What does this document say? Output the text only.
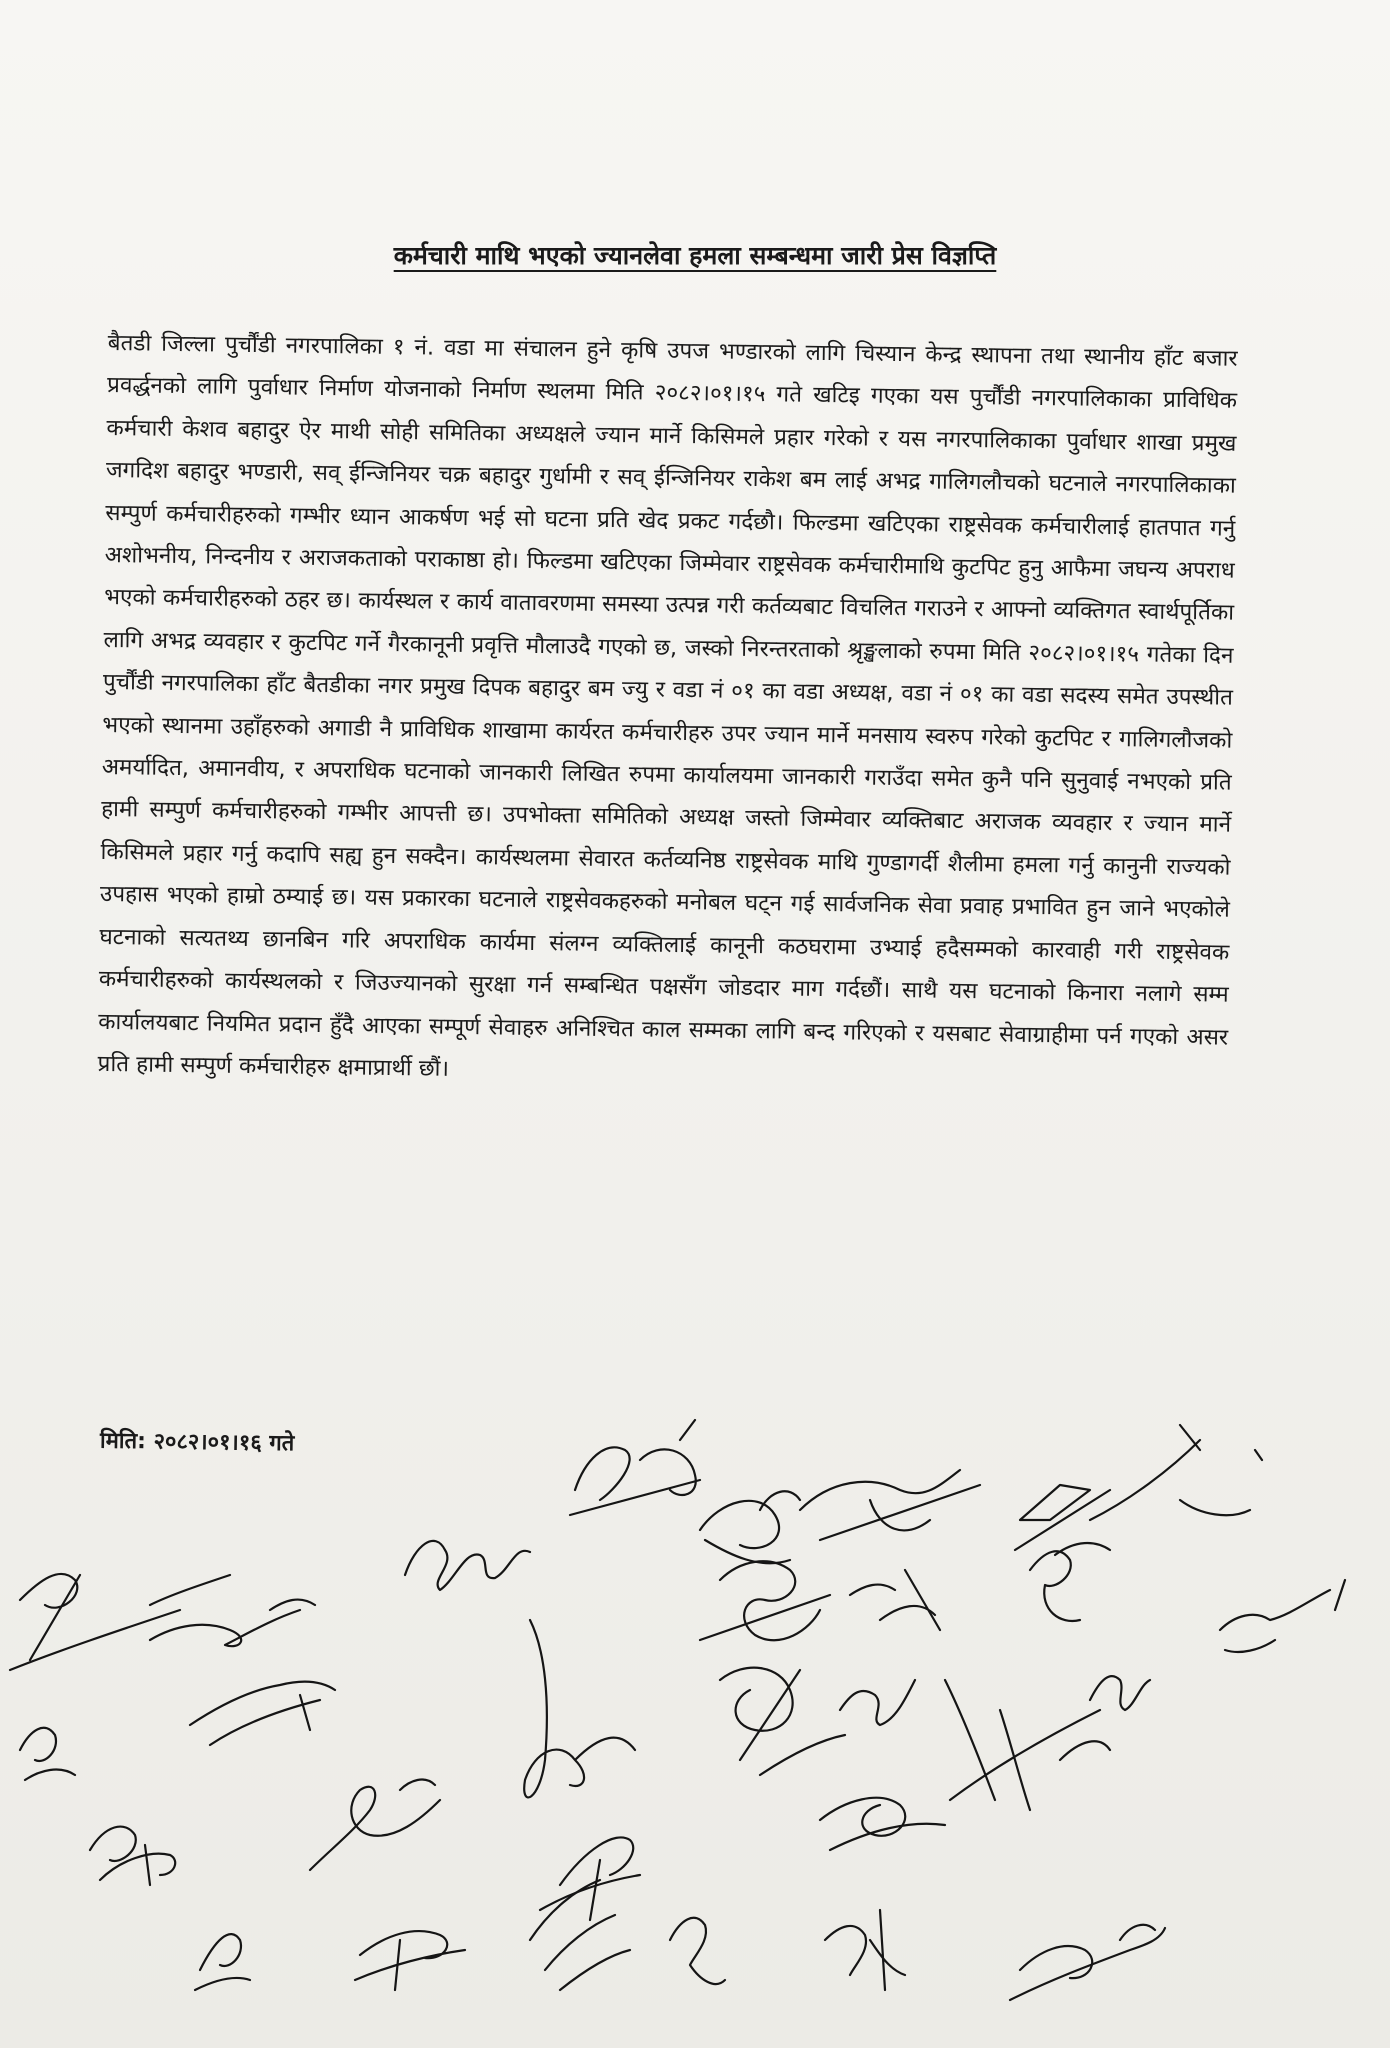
कर्मचारी माथि भएको ज्यानलेवा हमला सम्बन्धमा जारी प्रेस विज्ञप्ति

बैतडी जिल्ला पुर्चौंडी नगरपालिका १ नं. वडा मा संचालन हुने कृषि उपज भण्डारको लागि चिस्यान केन्द्र स्थापना तथा स्थानीय हाँट बजार प्रवर्द्धनको लागि पुर्वाधार निर्माण योजनाको निर्माण स्थलमा मिति २०८२।०१।१५ गते खटिइ गएका यस पुर्चौंडी नगरपालिकाका प्राविधिक कर्मचारी केशव बहादुर ऐर माथी सोही समितिका अध्यक्षले ज्यान मार्ने किसिमले प्रहार गरेको र यस नगरपालिकाका पुर्वाधार शाखा प्रमुख जगदिश बहादुर भण्डारी, सव् ईन्जिनियर चक्र बहादुर गुर्धामी र सव् ईन्जिनियर राकेश बम लाई अभद्र गालिगलौचको घटनाले नगरपालिकाका सम्पुर्ण कर्मचारीहरुको गम्भीर ध्यान आकर्षण भई सो घटना प्रति खेद प्रकट गर्दछौ। फिल्डमा खटिएका राष्ट्रसेवक कर्मचारीलाई हातपात गर्नु अशोभनीय, निन्दनीय र अराजकताको पराकाष्ठा हो। फिल्डमा खटिएका जिम्मेवार राष्ट्रसेवक कर्मचारीमाथि कुटपिट हुनु आफैमा जघन्य अपराध भएको कर्मचारीहरुको ठहर छ। कार्यस्थल र कार्य वातावरणमा समस्या उत्पन्न गरी कर्तव्यबाट विचलित गराउने र आफ्नो व्यक्तिगत स्वार्थपूर्तिका लागि अभद्र व्यवहार र कुटपिट गर्ने गैरकानूनी प्रवृत्ति मौलाउदै गएको छ, जस्को निरन्तरताको श्रृङ्खलाको रुपमा मिति २०८२।०१।१५ गतेका दिन पुर्चौंडी नगरपालिका हाँट बैतडीका नगर प्रमुख दिपक बहादुर बम ज्यु र वडा नं ०१ का वडा अध्यक्ष, वडा नं ०१ का वडा सदस्य समेत उपस्थीत भएको स्थानमा उहाँहरुको अगाडी नै प्राविधिक शाखामा कार्यरत कर्मचारीहरु उपर ज्यान मार्ने मनसाय स्वरुप गरेको कुटपिट र गालिगलौजको अमर्यादित, अमानवीय, र अपराधिक घटनाको जानकारी लिखित रुपमा कार्यालयमा जानकारी गराउँदा समेत कुनै पनि सुनुवाई नभएको प्रति हामी सम्पुर्ण कर्मचारीहरुको गम्भीर आपत्ती छ। उपभोक्ता समितिको अध्यक्ष जस्तो जिम्मेवार व्यक्तिबाट अराजक व्यवहार र ज्यान मार्ने किसिमले प्रहार गर्नु कदापि सह्य हुन सक्दैन। कार्यस्थलमा सेवारत कर्तव्यनिष्ठ राष्ट्रसेवक माथि गुण्डागर्दी शैलीमा हमला गर्नु कानुनी राज्यको उपहास भएको हाम्रो ठम्याई छ। यस प्रकारका घटनाले राष्ट्रसेवकहरुको मनोबल घट्न गई सार्वजनिक सेवा प्रवाह प्रभावित हुन जाने भएकोले घटनाको सत्यतथ्य छानबिन गरि अपराधिक कार्यमा संलग्न व्यक्तिलाई कानूनी कठघरामा उभ्याई हदैसम्मको कारवाही गरी राष्ट्रसेवक कर्मचारीहरुको कार्यस्थलको र जिउज्यानको सुरक्षा गर्न सम्बन्धित पक्षसँग जोडदार माग गर्दछौं। साथै यस घटनाको किनारा नलागे सम्म कार्यालयबाट नियमित प्रदान हुँदै आएका सम्पूर्ण सेवाहरु अनिश्चित काल सम्मका लागि बन्द गरिएको र यसबाट सेवाग्राहीमा पर्न गएको असर प्रति हामी सम्पुर्ण कर्मचारीहरु क्षमाप्रार्थी छौं।

मिति: २०८२।०१।१६ गते
